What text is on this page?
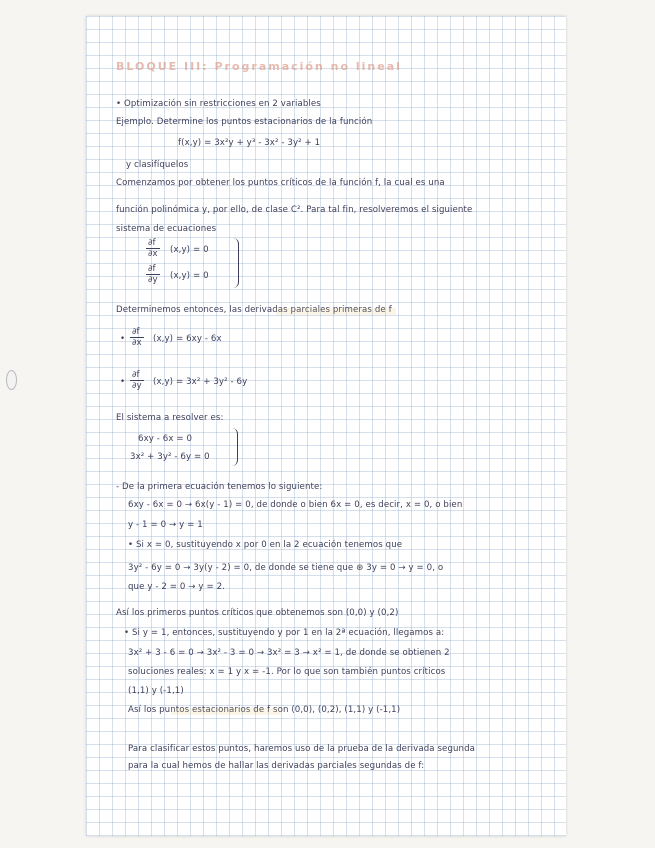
BLOQUE III: Programación no lineal
• Optimización sin restricciones en 2 variables
Ejemplo. Determine los puntos estacionarios de la función
f(x,y) = 3x²y + y³ - 3x² - 3y² + 1
y clasifíquelos
Comenzamos por obtener los puntos críticos de la función f, la cual es una
función polinómica y, por ello, de clase C². Para tal fin, resolveremos el siguiente
sistema de ecuaciones
$\frac{\partial f}{\partial x} (x,y) = 0$
$\frac{\partial f}{\partial y} (x,y) = 0$
Determinemos entonces, las derivadas parciales primeras de f
• $\frac{\partial f}{\partial x} (x,y) = 6xy - 6x$
• $\frac{\partial f}{\partial y} (x,y) = 3x^2 + 3y^2 - 6y$
El sistema a resolver es:
6xy - 6x = 0
3x² + 3y² - 6y = 0
- De la primera ecuación tenemos lo siguiente:
6xy - 6x = 0 → 6x(y - 1) = 0, de donde o bien 6x = 0, es decir, x = 0, o bien
y - 1 = 0 → y = 1
• Si x = 0, sustituyendo x por 0 en la 2 ecuación tenemos que
3y² - 6y = 0 → 3y(y - 2) = 0, de donde se tiene que ⊛ 3y = 0 → y = 0, o
que y - 2 = 0 → y = 2.
Así los primeros puntos críticos que obtenemos son (0,0) y (0,2)
• Si y = 1, entonces, sustituyendo y por 1 en la 2ª ecuación, llegamos a:
3x² + 3 - 6 = 0 → 3x² - 3 = 0 → 3x² = 3 → x² = 1, de donde se obtienen 2
soluciones reales: x = 1 y x = -1. Por lo que son también puntos críticos
(1,1) y (-1,1)
Así los puntos estacionarios de f son (0,0), (0,2), (1,1) y (-1,1)
Para clasificar estos puntos, haremos uso de la prueba de la derivada segunda
para la cual hemos de hallar las derivadas parciales segundas de f:
